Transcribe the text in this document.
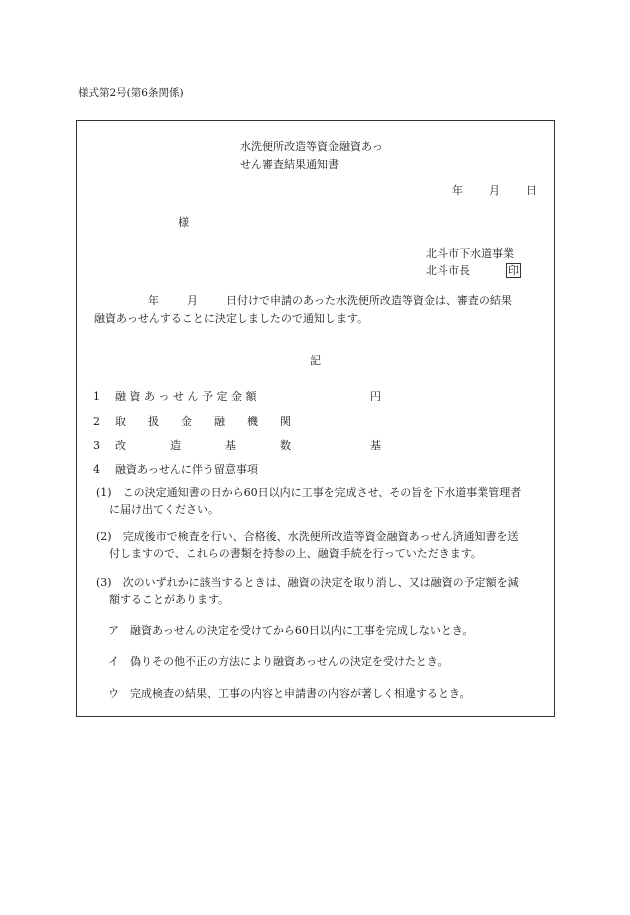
様式第2号(第6条関係)
水洗便所改造等資金融資あっ
せん審査結果通知書
年 月 日
様
北斗市下水道事業
北斗市長	印
年	月	日付けで申請のあった水洗便所改造等資金は、審査の結果
融資あっせんすることに決定しましたので通知します。
記

1 融 資 あ っ せ ん 予 定 金 額	円

2 取　　扱　　金　　融　　機　　関

3 改　　　　造　　　　基　　　　数	基

4 融資あっせんに伴う留意事項

(1)　 この決定通知書の日から60日以内に工事を完成させ、その旨を下水道事業管理者
に届け出てください。
(2)　 完成後市で検査を行い、合格後、水洗便所改造等資金融資あっせん済通知書を送
付しますので、これらの書類を持参の上、融資手続を行っていただきます。
(3)　 次のいずれかに該当するときは、融資の決定を取り消し、又は融資の予定額を減
額することがあります。
ア　 融資あっせんの決定を受けてから60日以内に工事を完成しないとき。
イ　 偽りその他不正の方法により融資あっせんの決定を受けたとき。
ウ　 完成検査の結果、工事の内容と申請書の内容が著しく相違するとき。
